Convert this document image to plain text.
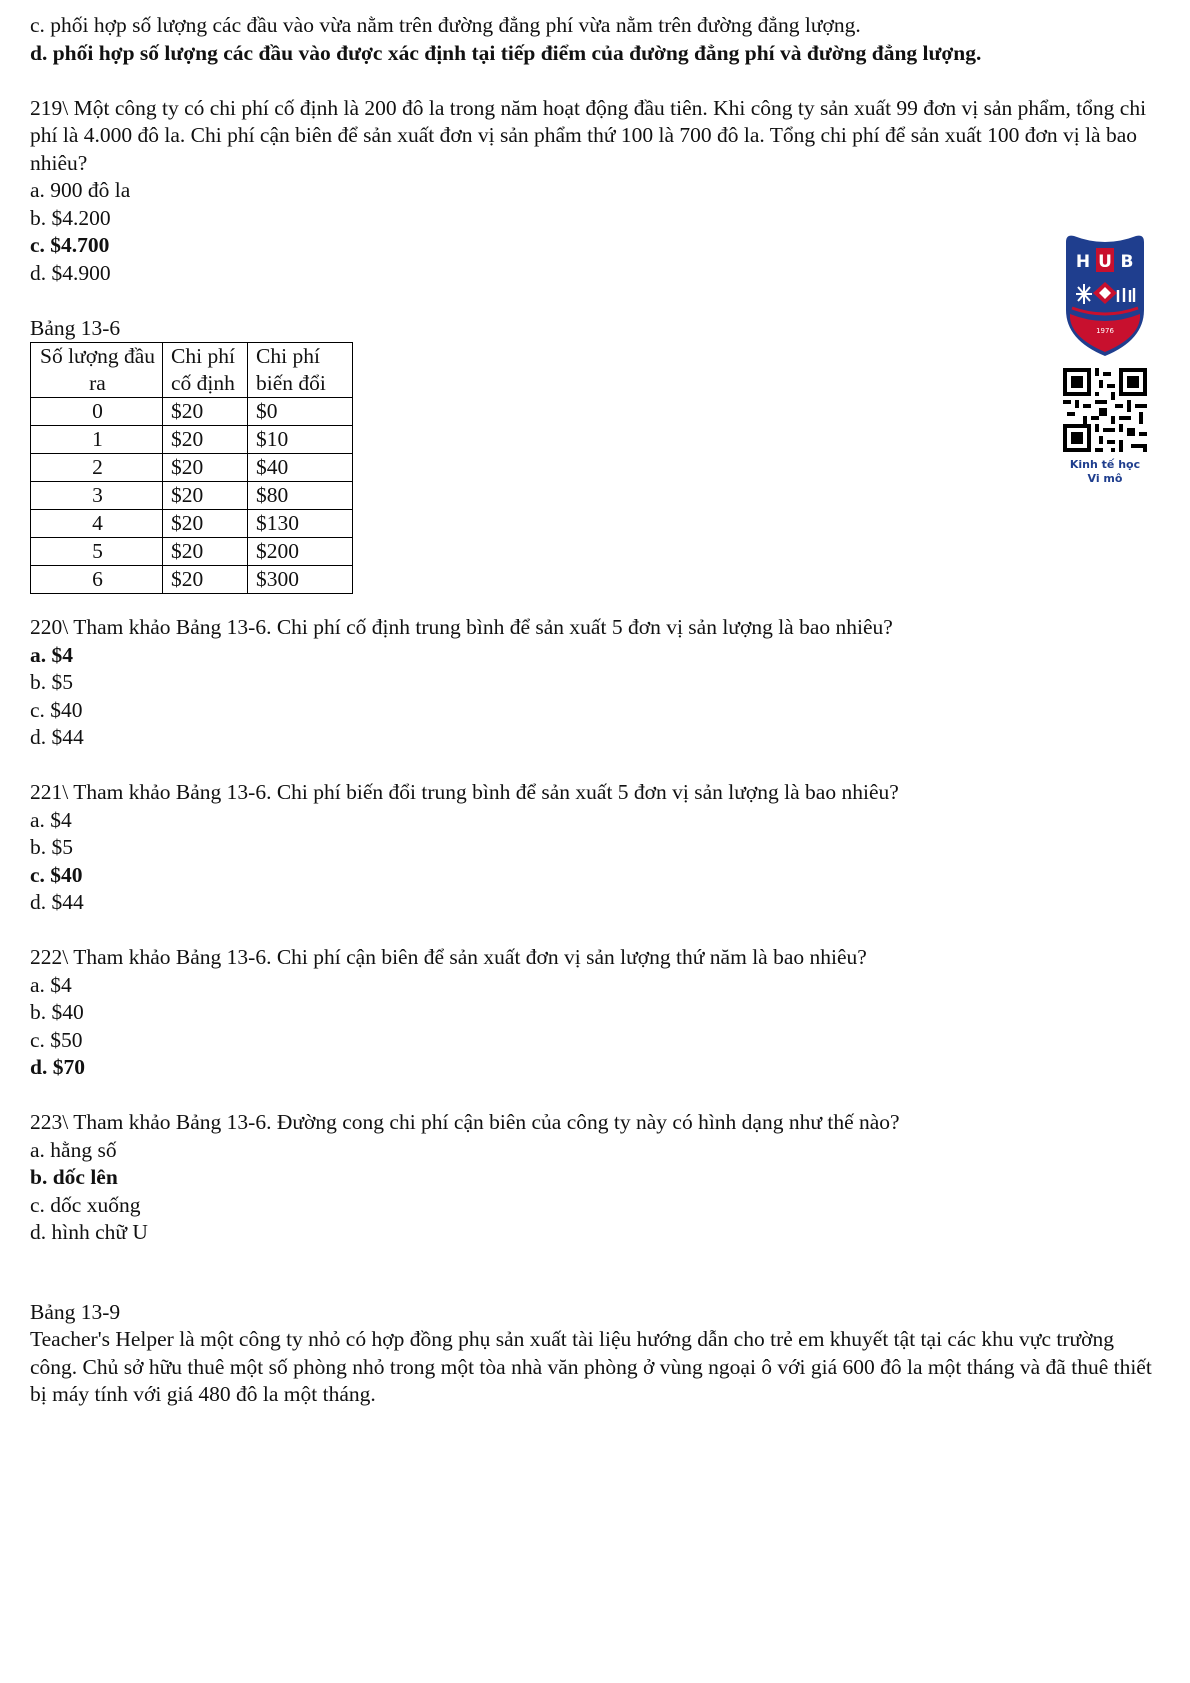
c. phối hợp số lượng các đầu vào vừa nằm trên đường đẳng phí vừa nằm trên đường đẳng lượng.
d. phối hợp số lượng các đầu vào được xác định tại tiếp điểm của đường đẳng phí và đường đẳng lượng.
219\ Một công ty có chi phí cố định là 200 đô la trong năm hoạt động đầu tiên. Khi công ty sản xuất 99 đơn vị sản phẩm, tổng chi phí là 4.000 đô la. Chi phí cận biên để sản xuất đơn vị sản phẩm thứ 100 là 700 đô la. Tổng chi phí để sản xuất 100 đơn vị là bao nhiêu?
a. 900 đô la
b. $4.200
c. $4.700
d. $4.900
Bảng 13-6
Số lượng đầu ra	Chi phí cố định	Chi phí biến đổi
0	$20	$0
1	$20	$10
2	$20	$40
3	$20	$80
4	$20	$130
5	$20	$200
6	$20	$300
220\ Tham khảo Bảng 13-6. Chi phí cố định trung bình để sản xuất 5 đơn vị sản lượng là bao nhiêu?
a. $4
b. $5
c. $40
d. $44
221\ Tham khảo Bảng 13-6. Chi phí biến đổi trung bình để sản xuất 5 đơn vị sản lượng là bao nhiêu?
a. $4
b. $5
c. $40
d. $44
222\ Tham khảo Bảng 13-6. Chi phí cận biên để sản xuất đơn vị sản lượng thứ năm là bao nhiêu?
a. $4
b. $40
c. $50
d. $70
223\ Tham khảo Bảng 13-6. Đường cong chi phí cận biên của công ty này có hình dạng như thế nào?
a. hằng số
b. dốc lên
c. dốc xuống
d. hình chữ U
Bảng 13-9
Teacher's Helper là một công ty nhỏ có hợp đồng phụ sản xuất tài liệu hướng dẫn cho trẻ em khuyết tật tại các khu vực trường công. Chủ sở hữu thuê một số phòng nhỏ trong một tòa nhà văn phòng ở vùng ngoại ô với giá 600 đô la một tháng và đã thuê thiết bị máy tính với giá 480 đô la một tháng.
H U B
1976
Kinh tế học
Vi mô
